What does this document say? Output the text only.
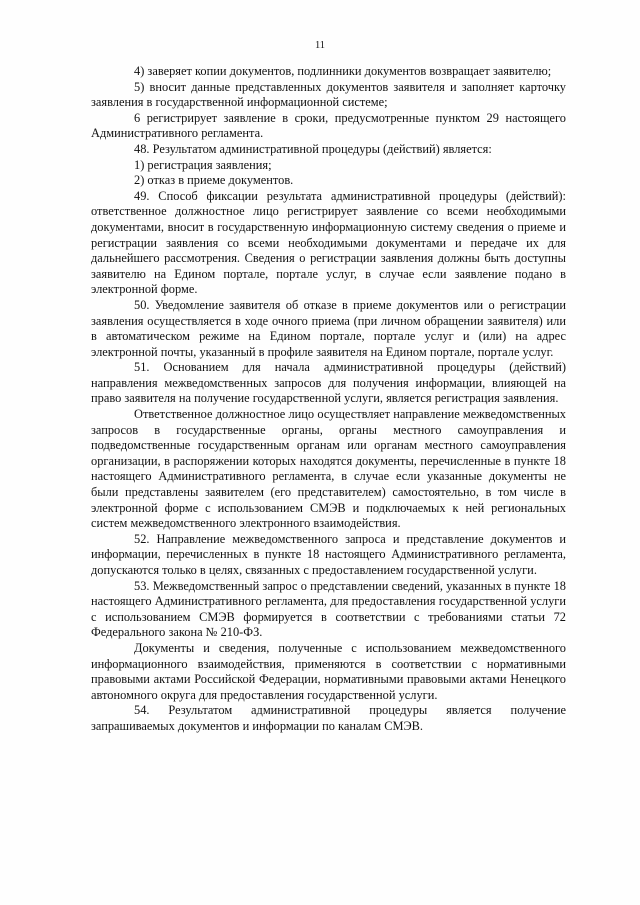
11

4) заверяет копии документов, подлинники документов возвращает заявителю;

5) вносит данные представленных документов заявителя и заполняет карточку заявления в государственной информационной системе;

6 регистрирует заявление в сроки, предусмотренные пунктом 29 настоящего Административного регламента.

48. Результатом административной процедуры (действий) является:

1) регистрация заявления;

2) отказ в приеме документов.

49. Способ фиксации результата административной процедуры (действий): ответственное должностное лицо регистрирует заявление со всеми необходимыми документами, вносит в государственную информационную систему сведения о приеме и регистрации заявления со всеми необходимыми документами и передаче их для дальнейшего рассмотрения. Сведения о регистрации заявления должны быть доступны заявителю на Едином портале, портале услуг, в случае если заявление подано в электронной форме.

50. Уведомление заявителя об отказе в приеме документов или о регистрации заявления осуществляется в ходе очного приема (при личном обращении заявителя) или в автоматическом режиме на Едином портале, портале услуг и (или) на адрес электронной почты, указанный в профиле заявителя на Едином портале, портале услуг.

51. Основанием для начала административной процедуры (действий) направления межведомственных запросов для получения информации, влияющей на право заявителя на получение государственной услуги, является регистрация заявления.

Ответственное должностное лицо осуществляет направление межведомственных запросов в государственные органы, органы местного самоуправления и подведомственные государственным органам или органам местного самоуправления организации, в распоряжении которых находятся документы, перечисленные в пункте 18 настоящего Административного регламента, в случае если указанные документы не были представлены заявителем (его представителем) самостоятельно, в том числе в электронной форме с использованием СМЭВ и подключаемых к ней региональных систем межведомственного электронного взаимодействия.

52. Направление межведомственного запроса и представление документов и информации, перечисленных в пункте 18 настоящего Административного регламента, допускаются только в целях, связанных с предоставлением государственной услуги.

53. Межведомственный запрос о представлении сведений, указанных в пункте 18 настоящего Административного регламента, для предоставления государственной услуги с использованием СМЭВ формируется в соответствии с требованиями статьи 72 Федерального закона № 210-ФЗ.

Документы и сведения, полученные с использованием межведомственного информационного взаимодействия, применяются в соответствии с нормативными правовыми актами Российской Федерации, нормативными правовыми актами Ненецкого автономного округа для предоставления государственной услуги.

54. Результатом административной процедуры является получение запрашиваемых документов и информации по каналам СМЭВ.
